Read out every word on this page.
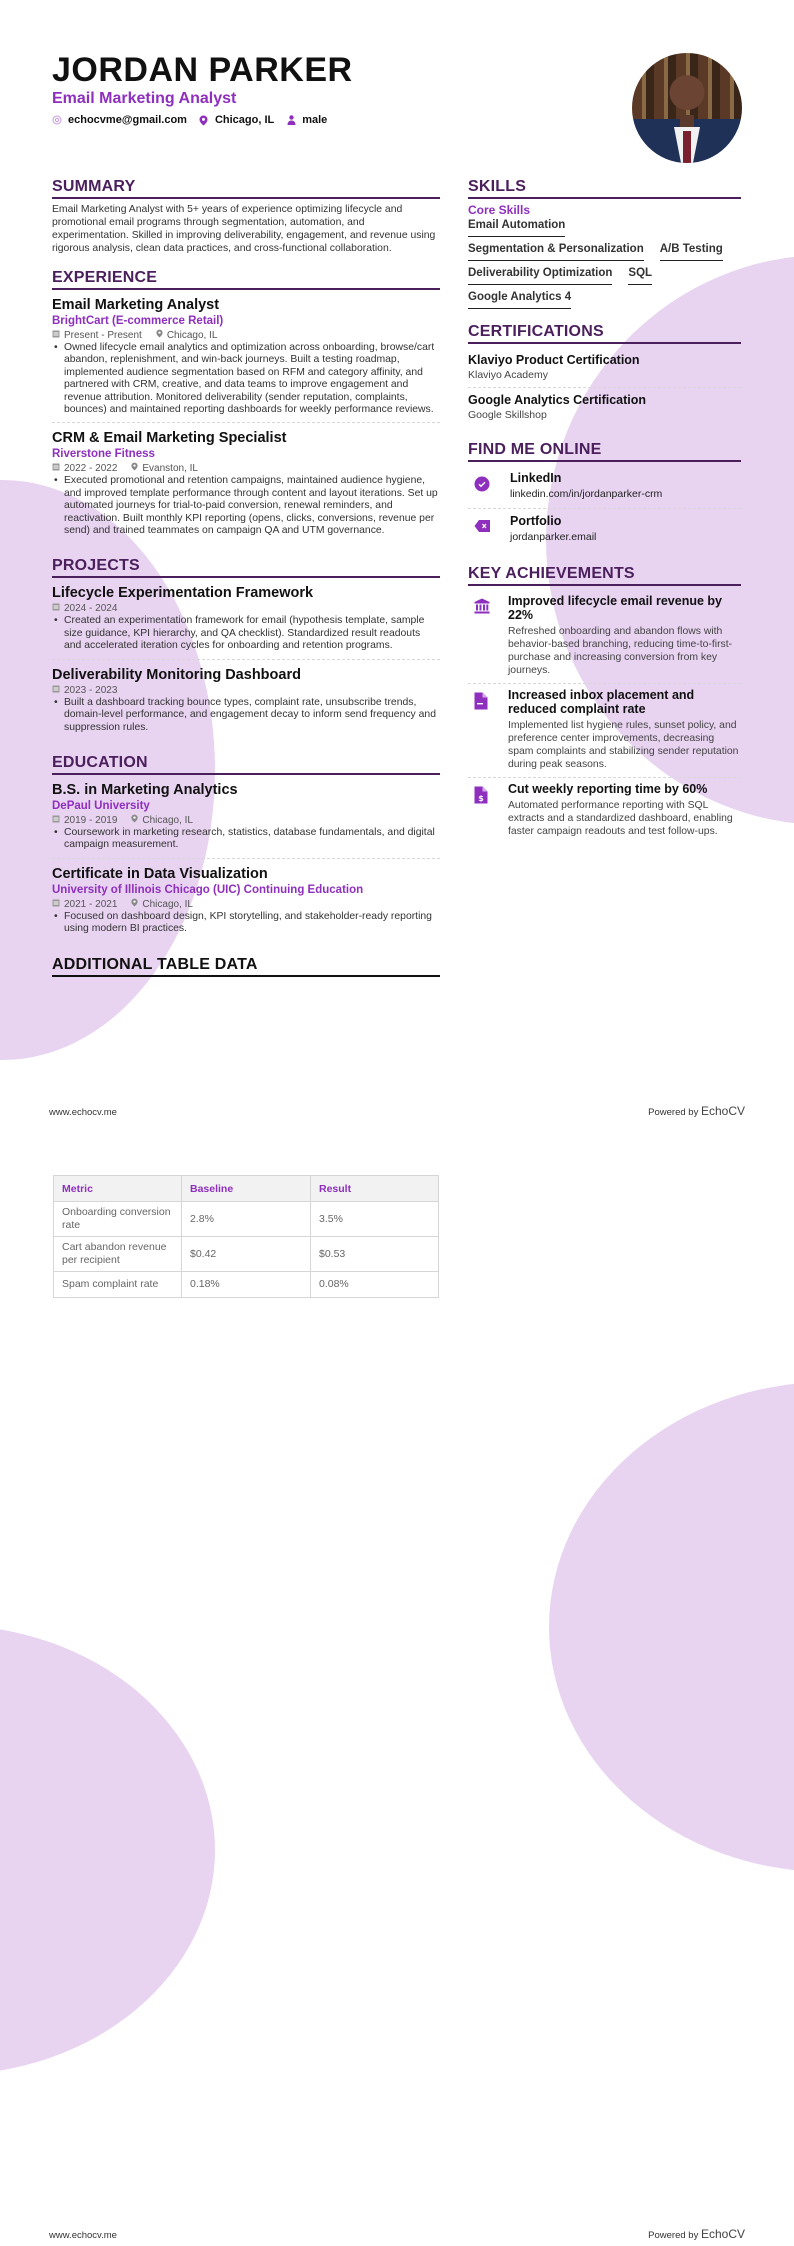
JORDAN PARKER
Email Marketing Analyst
echocvme@gmail.com	Chicago, IL	male
SUMMARY

Email Marketing Analyst with 5+ years of experience optimizing lifecycle and promotional email programs through segmentation, automation, and experimentation. Skilled in improving deliverability, engagement, and revenue using rigorous analysis, clean data practices, and cross-functional collaboration.

EXPERIENCE
Email Marketing Analyst
BrightCart (E-commerce Retail)
Present - Present	Chicago, IL
• Owned lifecycle email analytics and optimization across onboarding, browse/cart abandon, replenishment, and win-back journeys. Built a testing roadmap, implemented audience segmentation based on RFM and category affinity, and partnered with CRM, creative, and data teams to improve engagement and revenue attribution. Monitored deliverability (sender reputation, complaints, bounces) and maintained reporting dashboards for weekly performance reviews.
CRM & Email Marketing Specialist
Riverstone Fitness
2022 - 2022	Evanston, IL
• Executed promotional and retention campaigns, maintained audience hygiene, and improved template performance through content and layout iterations. Set up automated journeys for trial-to-paid conversion, renewal reminders, and reactivation. Built monthly KPI reporting (opens, clicks, conversions, revenue per send) and trained teammates on campaign QA and UTM governance.
PROJECTS
Lifecycle Experimentation Framework
2024 - 2024
• Created an experimentation framework for email (hypothesis template, sample size guidance, KPI hierarchy, and QA checklist). Standardized result readouts and accelerated iteration cycles for onboarding and retention programs.
Deliverability Monitoring Dashboard
2023 - 2023
• Built a dashboard tracking bounce types, complaint rate, unsubscribe trends, domain-level performance, and engagement decay to inform send frequency and suppression rules.
EDUCATION
B.S. in Marketing Analytics
DePaul University
2019 - 2019	Chicago, IL
• Coursework in marketing research, statistics, database fundamentals, and digital campaign measurement.
Certificate in Data Visualization
University of Illinois Chicago (UIC) Continuing Education
2021 - 2021	Chicago, IL
• Focused on dashboard design, KPI storytelling, and stakeholder-ready reporting using modern BI practices.
ADDITIONAL TABLE DATA
SKILLS
Core Skills
Email Automation
Segmentation & Personalization A/B Testing
Deliverability Optimization SQL
Google Analytics 4
CERTIFICATIONS
Klaviyo Product Certification
Klaviyo Academy
Google Analytics Certification
Google Skillshop
FIND ME ONLINE
LinkedIn
linkedin.com/in/jordanparker-crm
Portfolio
jordanparker.email
KEY ACHIEVEMENTS
Improved lifecycle email revenue by 22%
Refreshed onboarding and abandon flows with behavior-based branching, reducing time-to-first-purchase and increasing conversion from key journeys.
Increased inbox placement and reduced complaint rate
Implemented list hygiene rules, sunset policy, and preference center improvements, decreasing spam complaints and stabilizing sender reputation during peak seasons.
$
Cut weekly reporting time by 60%
Automated performance reporting with SQL extracts and a standardized dashboard, enabling faster campaign readouts and test follow-ups.
www.echocv.me	Powered by EchoCV
Metric	Baseline	Result
Onboarding conversion rate	2.8%	3.5%
Cart abandon revenue per recipient	$0.42	$0.53
Spam complaint rate	0.18%	0.08%
www.echocv.me	Powered by EchoCV
